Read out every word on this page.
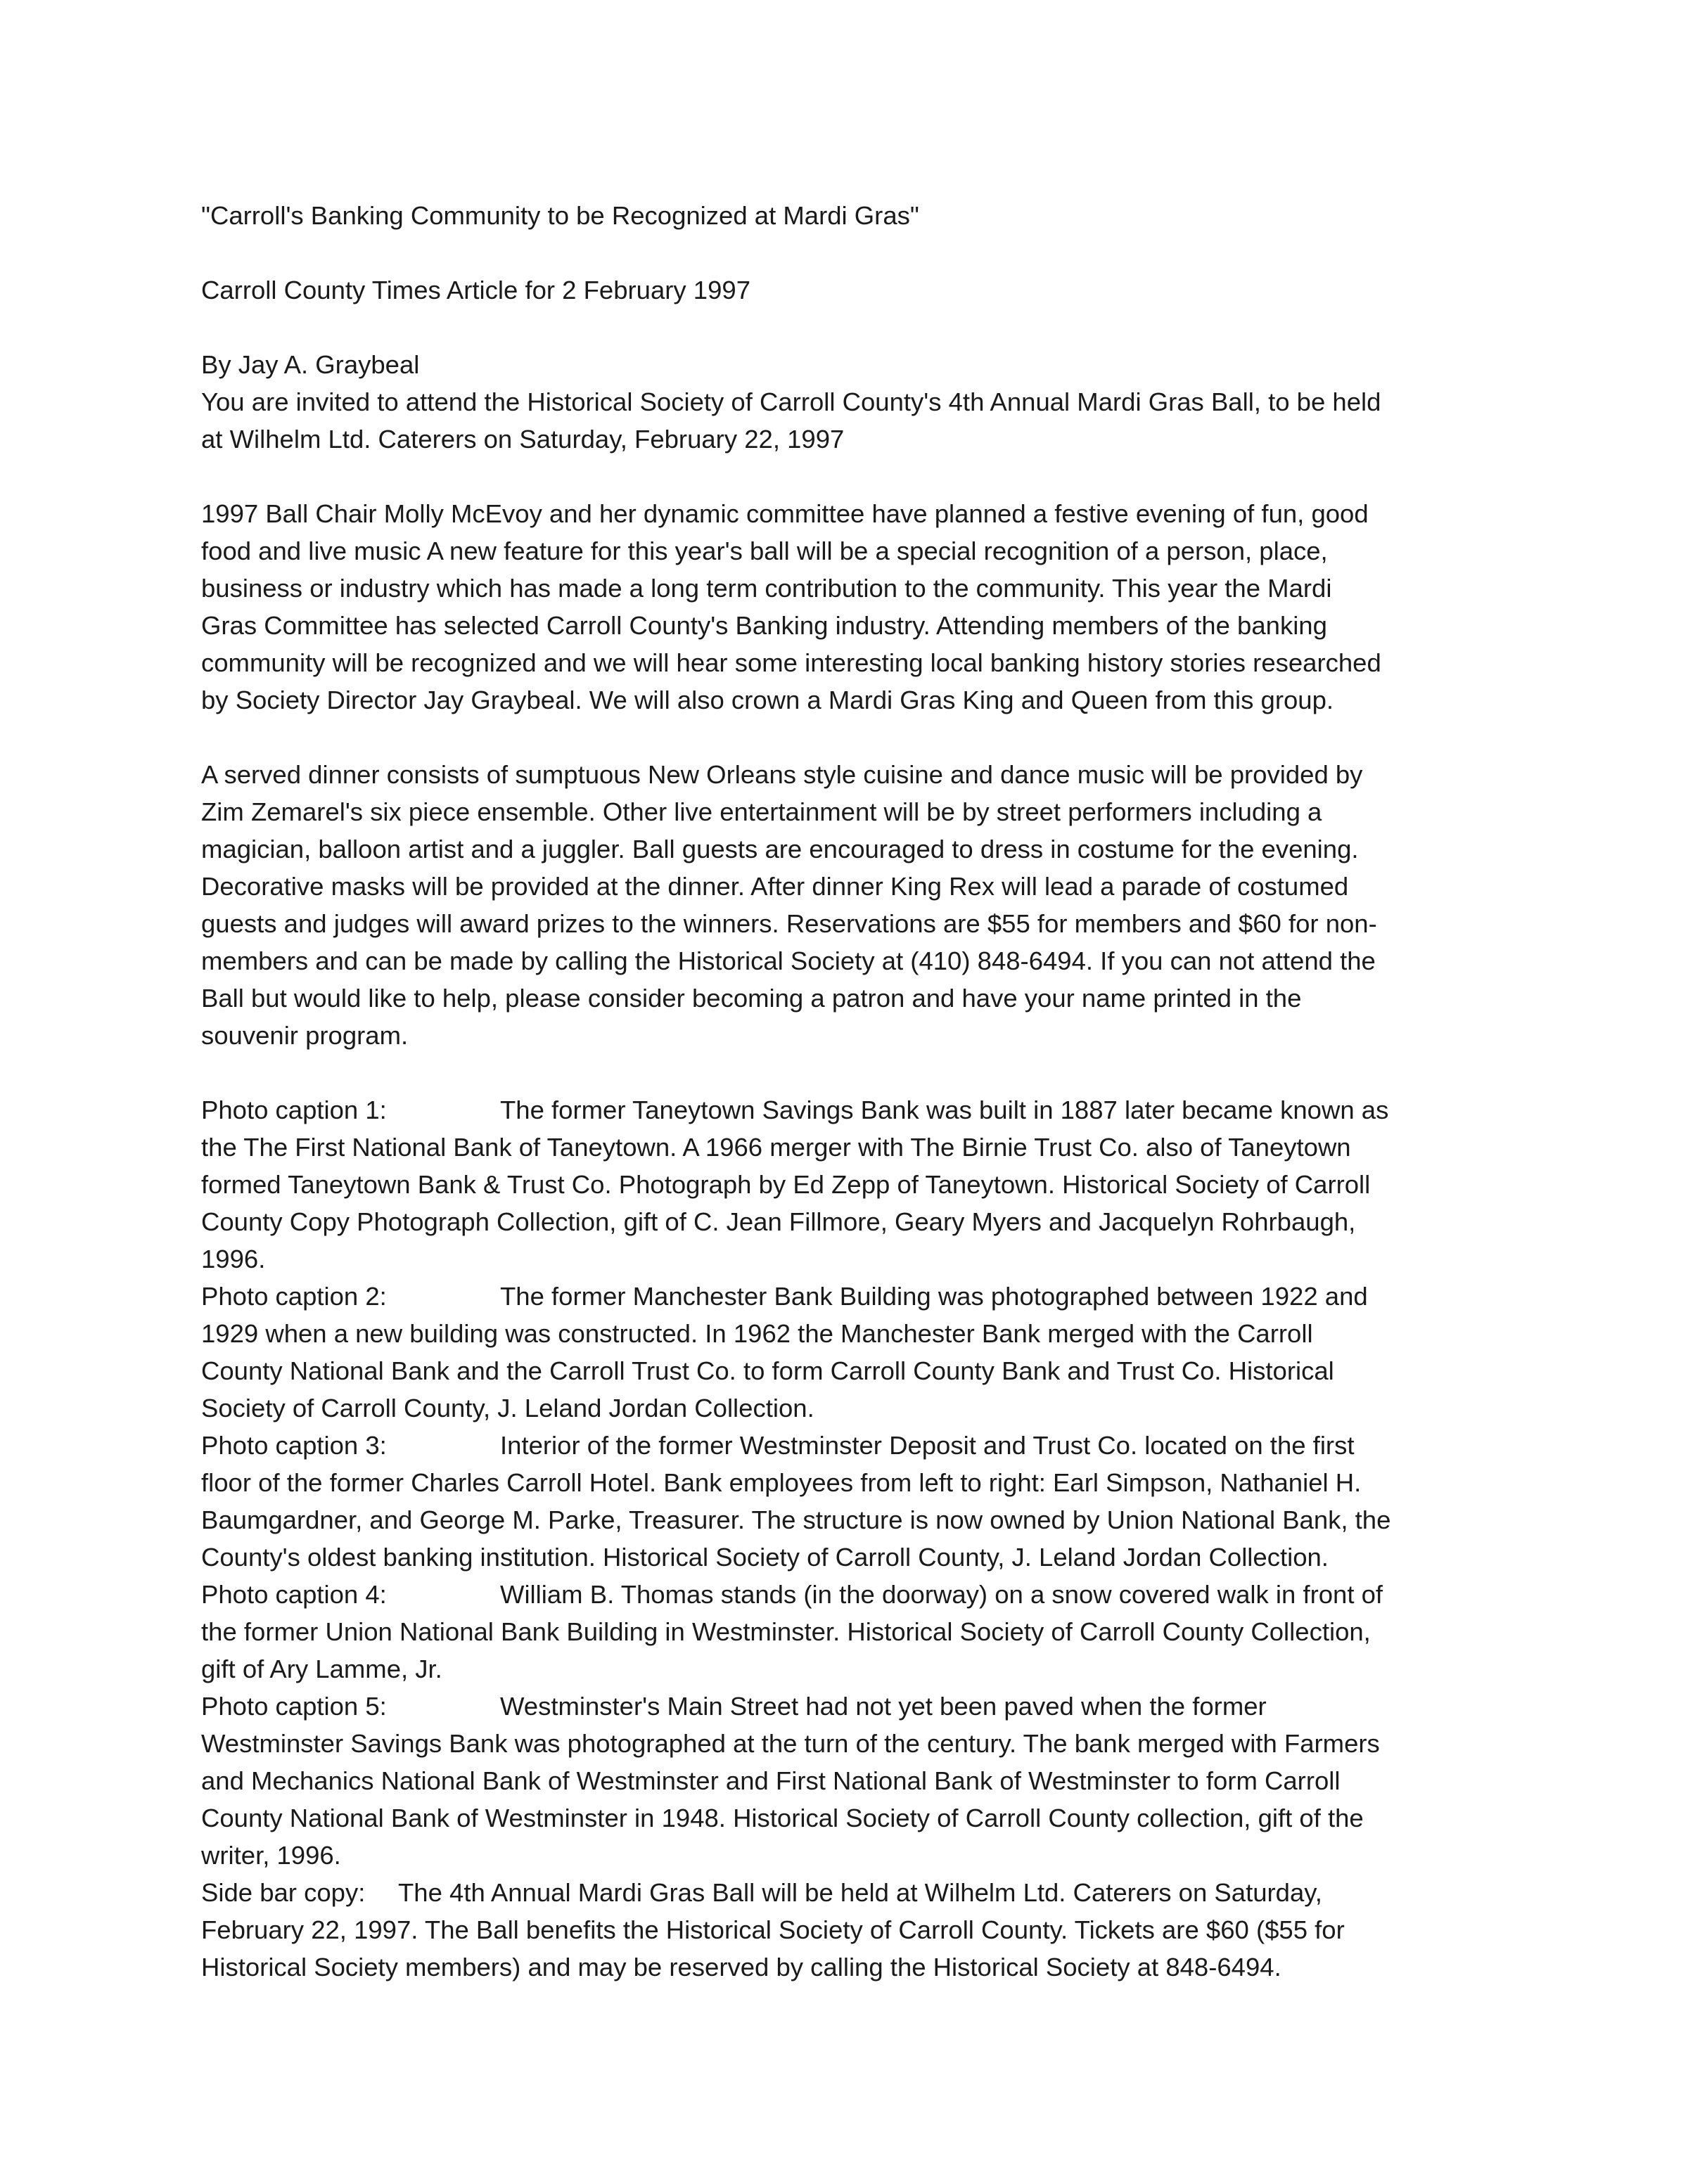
"Carroll's Banking Community to be Recognized at Mardi Gras"

Carroll County Times Article for 2 February 1997

By Jay A. Graybeal

You are invited to attend the Historical Society of Carroll County's 4th Annual Mardi Gras Ball, to be held

at Wilhelm Ltd. Caterers on Saturday, February 22, 1997

1997 Ball Chair Molly McEvoy and her dynamic committee have planned a festive evening of fun, good

food and live music A new feature for this year's ball will be a special recognition of a person, place,

business or industry which has made a long term contribution to the community. This year the Mardi

Gras Committee has selected Carroll County's Banking industry. Attending members of the banking

community will be recognized and we will hear some interesting local banking history stories researched

by Society Director Jay Graybeal. We will also crown a Mardi Gras King and Queen from this group.

A served dinner consists of sumptuous New Orleans style cuisine and dance music will be provided by

Zim Zemarel's six piece ensemble. Other live entertainment will be by street performers including a

magician, balloon artist and a juggler. Ball guests are encouraged to dress in costume for the evening.

Decorative masks will be provided at the dinner. After dinner King Rex will lead a parade of costumed

guests and judges will award prizes to the winners. Reservations are $55 for members and $60 for non-

members and can be made by calling the Historical Society at (410) 848-6494. If you can not attend the

Ball but would like to help, please consider becoming a patron and have your name printed in the

souvenir program.

Photo caption 1:	The former Taneytown Savings Bank was built in 1887 later became known as

the The First National Bank of Taneytown. A 1966 merger with The Birnie Trust Co. also of Taneytown

formed Taneytown Bank & Trust Co. Photograph by Ed Zepp of Taneytown. Historical Society of Carroll

County Copy Photograph Collection, gift of C. Jean Fillmore, Geary Myers and Jacquelyn Rohrbaugh,

1996.

Photo caption 2:	The former Manchester Bank Building was photographed between 1922 and

1929 when a new building was constructed. In 1962 the Manchester Bank merged with the Carroll

County National Bank and the Carroll Trust Co. to form Carroll County Bank and Trust Co. Historical

Society of Carroll County, J. Leland Jordan Collection.

Photo caption 3:	Interior of the former Westminster Deposit and Trust Co. located on the first

floor of the former Charles Carroll Hotel. Bank employees from left to right: Earl Simpson, Nathaniel H.

Baumgardner, and George M. Parke, Treasurer. The structure is now owned by Union National Bank, the

County's oldest banking institution. Historical Society of Carroll County, J. Leland Jordan Collection.

Photo caption 4:	William B. Thomas stands (in the doorway) on a snow covered walk in front of

the former Union National Bank Building in Westminster. Historical Society of Carroll County Collection,

gift of Ary Lamme, Jr.

Photo caption 5:	Westminster's Main Street had not yet been paved when the former

Westminster Savings Bank was photographed at the turn of the century. The bank merged with Farmers

and Mechanics National Bank of Westminster and First National Bank of Westminster to form Carroll

County National Bank of Westminster in 1948. Historical Society of Carroll County collection, gift of the

writer, 1996.

Side bar copy: The 4th Annual Mardi Gras Ball will be held at Wilhelm Ltd. Caterers on Saturday,

February 22, 1997. The Ball benefits the Historical Society of Carroll County. Tickets are $60 ($55 for

Historical Society members) and may be reserved by calling the Historical Society at 848-6494.
